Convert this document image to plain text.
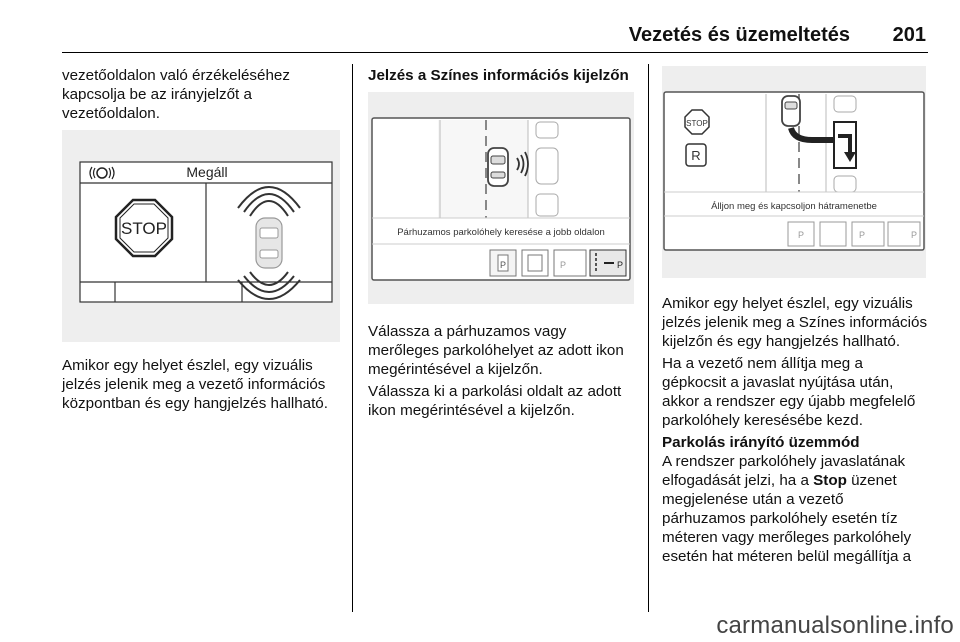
Vezetés és üzemeltetés	201
vezetőoldalon való érzékeléséhez kapcsolja be az irányjelzőt a vezetőoldalon.
Megáll
STOP
Amikor egy helyet észlel, egy vizuális jelzés jelenik meg a vezető információs központban és egy hangjelzés hallható.
Jelzés a Színes információs kijelzőn
Párhuzamos parkolóhely keresése a jobb oldalon
P	P	P

Válassza a párhuzamos vagy merőleges parkolóhelyet az adott ikon megérintésével a kijelzőn.

Válassza ki a parkolási oldalt az adott ikon megérintésével a kijelzőn.

STOP
R
Álljon meg és kapcsoljon hátramenetbe
P	P	P

Amikor egy helyet észlel, egy vizuális jelzés jelenik meg a Színes információs kijelzőn és egy hangjelzés hallható.

Ha a vezető nem állítja meg a gépkocsit a javaslat nyújtása után, akkor a rendszer egy újabb megfelelő parkolóhely keresésébe kezd.

Parkolás irányító üzemmód

A rendszer parkolóhely javaslatának elfogadását jelzi, ha a Stop üzenet megjelenése után a vezető párhuzamos parkolóhely esetén tíz méteren vagy merőleges parkolóhely esetén hat méteren belül megállítja a

carmanualsonline.info
